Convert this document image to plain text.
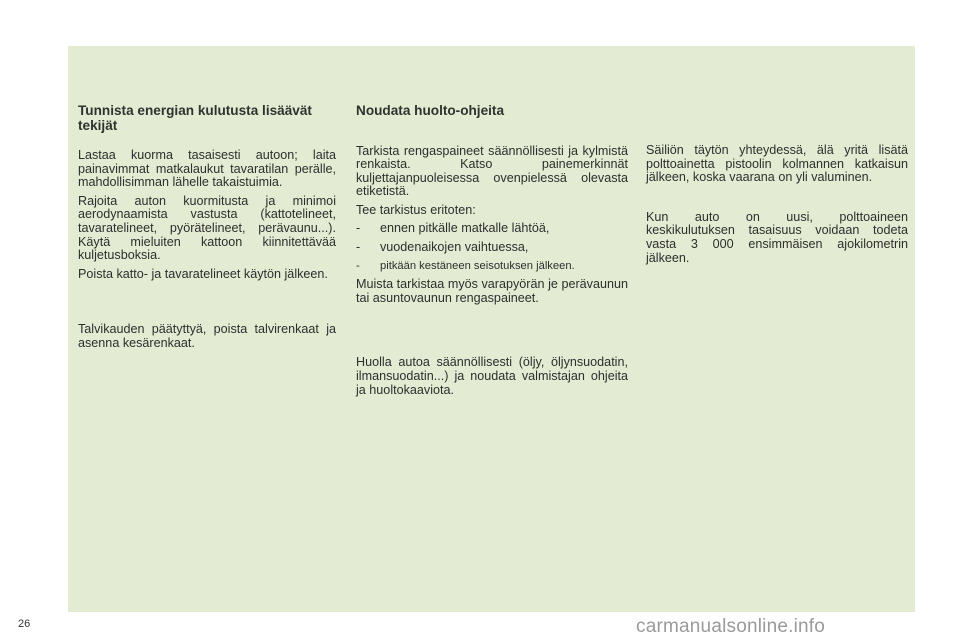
Tunnista energian kulutusta lisäävät tekijät

Lastaa kuorma tasaisesti autoon; laita painavimmat matkalaukut tavaratilan perälle, mahdollisimman lähelle takaistuimia.

Rajoita auton kuormitusta ja minimoi aerodynaamista vastusta (kattotelineet, tavaratelineet, pyörätelineet, perävaunu...). Käytä mieluiten kattoon kiinnitettävää kuljetusboksia.

Poista katto- ja tavaratelineet käytön jälkeen.

Talvikauden päätyttyä, poista talvirenkaat ja asenna kesärenkaat.

Noudata huolto-ohjeita

Tarkista rengaspaineet säännöllisesti ja kylmistä renkaista. Katso painemerkinnät kuljettajanpuoleisessa ovenpielessä olevasta etiketistä.

Tee tarkistus eritoten:

- ennen pitkälle matkalle lähtöä,
- vuodenaikojen vaihtuessa,
- pitkään kestäneen seisotuksen jälkeen.

Muista tarkistaa myös varapyörän je perävaunun tai asuntovaunun rengaspaineet.

Huolla autoa säännöllisesti (öljy, öljynsuodatin, ilmansuodatin...) ja noudata valmistajan ohjeita ja huoltokaaviota.

Säiliön täytön yhteydessä, älä yritä lisätä polttoainetta pistoolin kolmannen katkaisun jälkeen, koska vaarana on yli valuminen.

Kun auto on uusi, polttoaineen keskikulutuksen tasaisuus voidaan todeta vasta 3 000 ensimmäisen ajokilometrin jälkeen.

26	carmanualsonline.info
